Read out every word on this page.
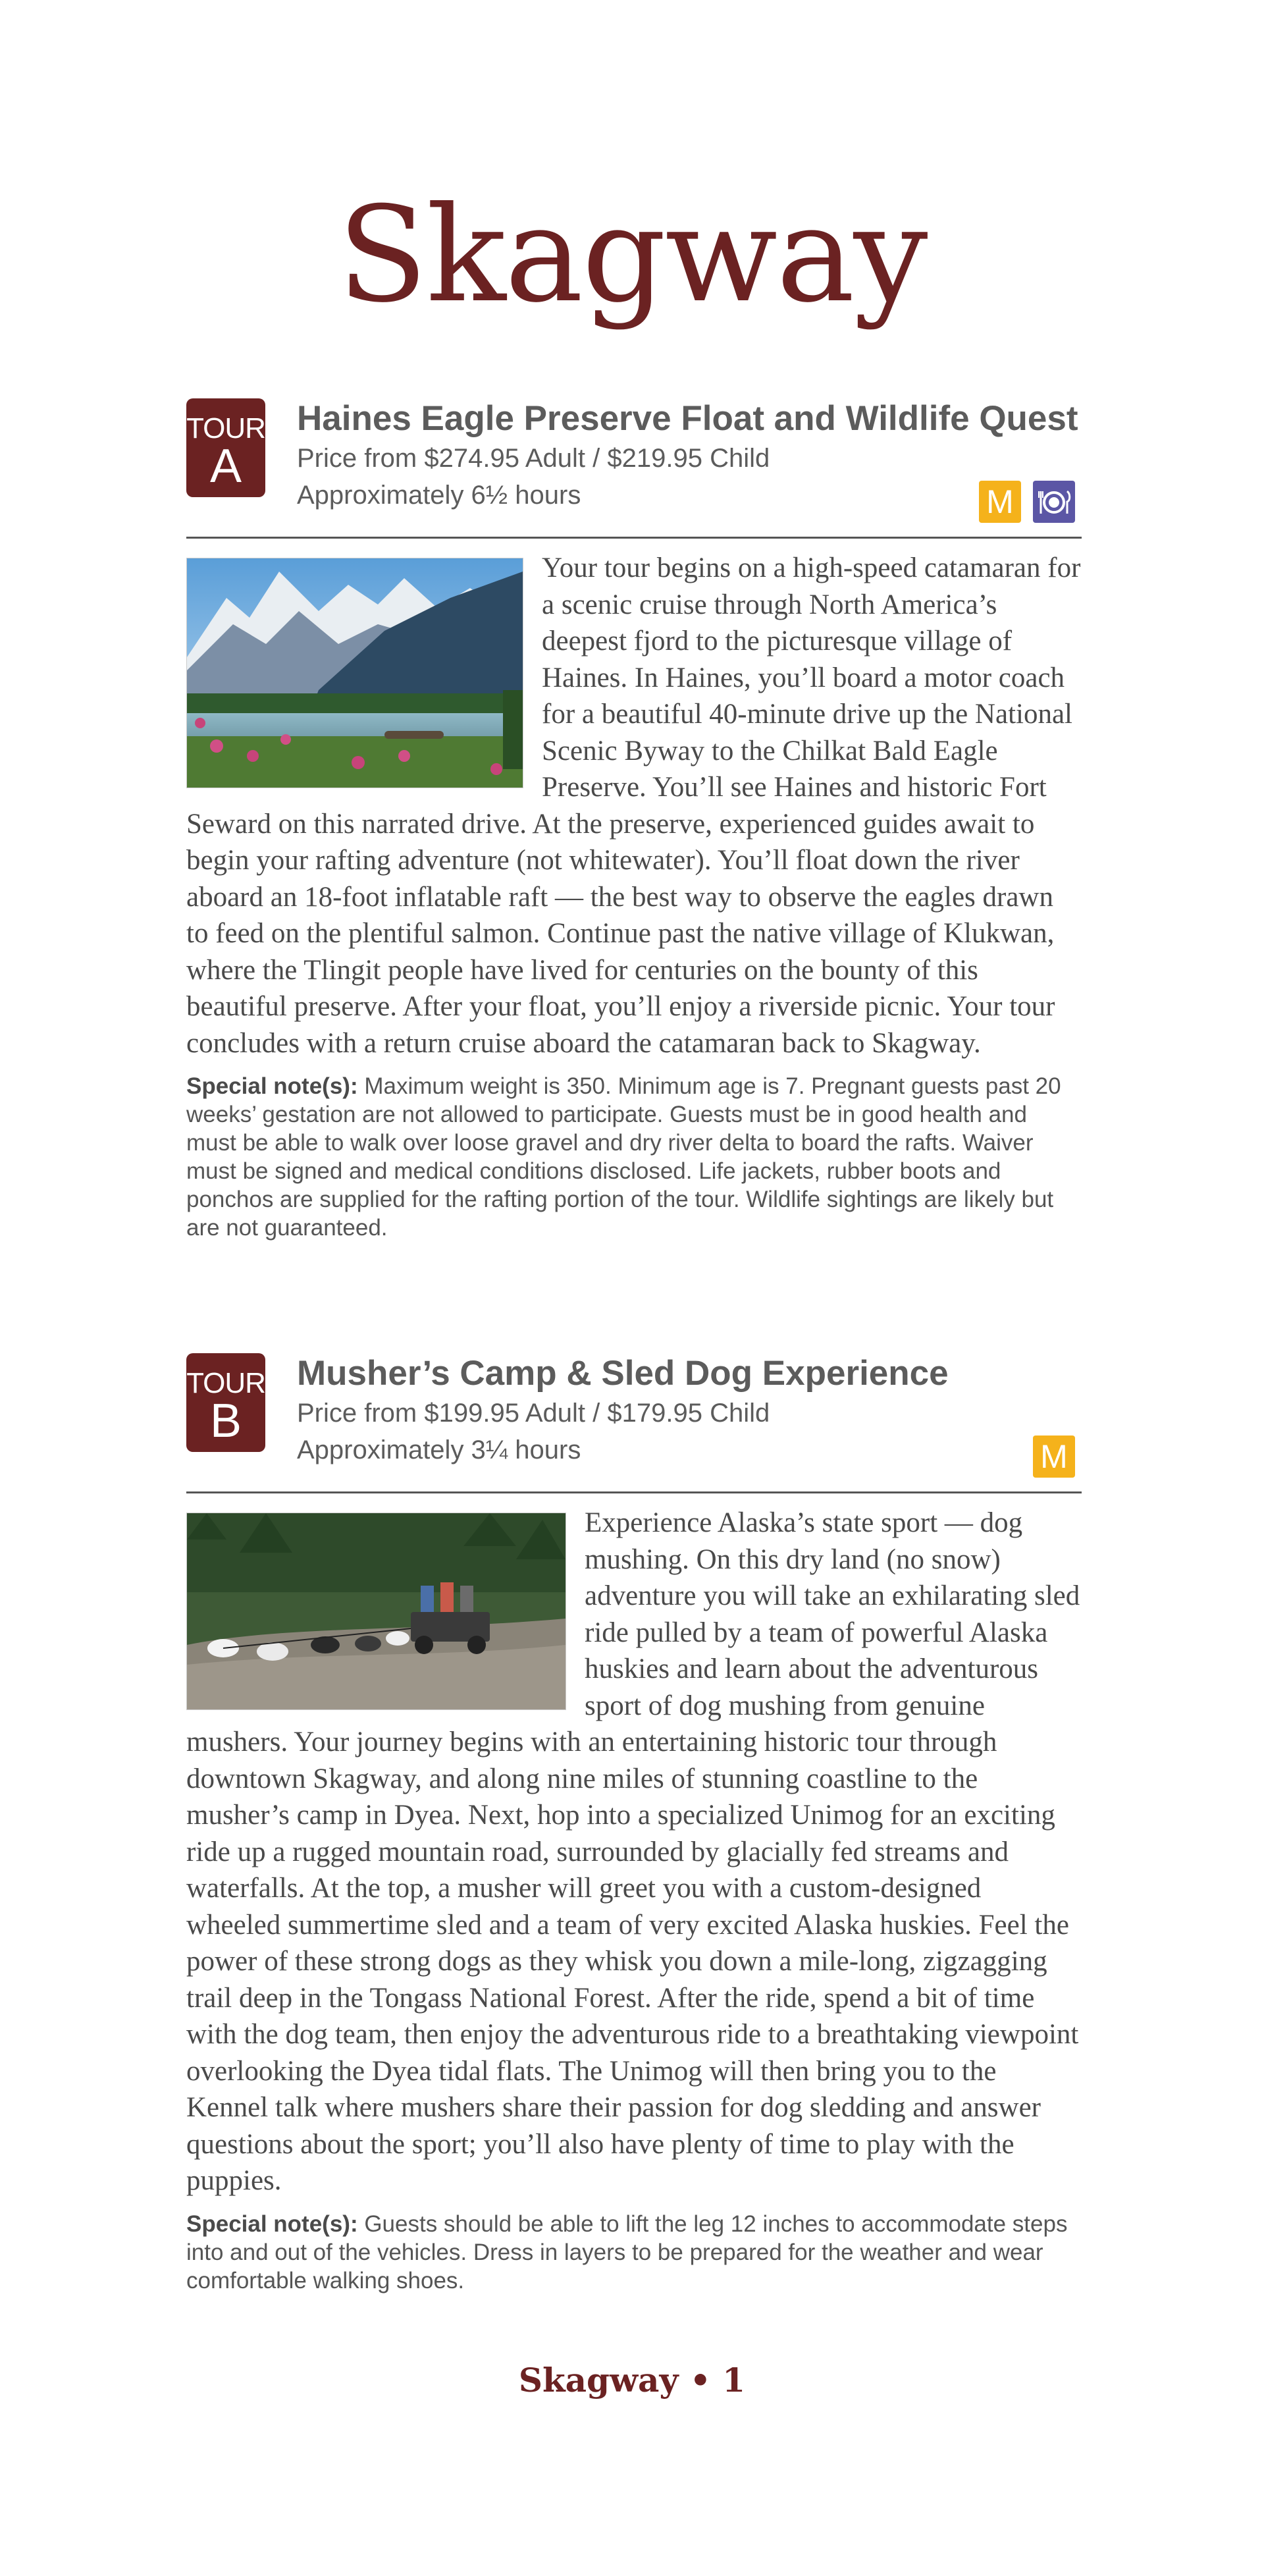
Skagway
TOUR
A
Haines Eagle Preserve Float and Wildlife Quest
Price from $274.95 Adult / $219.95 Child
Approximately 6½ hours	M

Your tour begins on a high-speed catamaran for a scenic cruise through North America’s deepest fjord to the picturesque village of Haines. In Haines, you’ll board a motor coach for a beautiful 40-minute drive up the National Scenic Byway to the Chilkat Bald Eagle Preserve. You’ll see Haines and historic Fort Seward on this narrated drive. At the preserve, experienced guides await to begin your rafting adventure (not whitewater). You’ll float down the river aboard an 18-foot inflatable raft — the best way to observe the eagles drawn to feed on the plentiful salmon. Continue past the native village of Klukwan, where the Tlingit people have lived for centuries on the bounty of this beautiful preserve. After your float, you’ll enjoy a riverside picnic. Your tour concludes with a return cruise aboard the catamaran back to Skagway.

Special note(s): Maximum weight is 350. Minimum age is 7. Pregnant guests past 20 weeks’ gestation are not allowed to participate. Guests must be in good health and must be able to walk over loose gravel and dry river delta to board the rafts. Waiver must be signed and medical conditions disclosed. Life jackets, rubber boots and ponchos are supplied for the rafting portion of the tour. Wildlife sightings are likely but are not guaranteed.
TOUR
B
Musher’s Camp & Sled Dog Experience
Price from $199.95 Adult / $179.95 Child
Approximately 3¼ hours	M

Experience Alaska’s state sport — dog mushing. On this dry land (no snow) adventure you will take an exhilarating sled ride pulled by a team of powerful Alaska huskies and learn about the adventurous sport of dog mushing from genuine mushers. Your journey begins with an entertaining historic tour through downtown Skagway, and along nine miles of stunning coastline to the musher’s camp in Dyea. Next, hop into a specialized Unimog for an exciting ride up a rugged mountain road, surrounded by glacially fed streams and waterfalls. At the top, a musher will greet you with a custom-designed wheeled summertime sled and a team of very excited Alaska huskies. Feel the power of these strong dogs as they whisk you down a mile-long, zigzagging trail deep in the Tongass National Forest. After the ride, spend a bit of time with the dog team, then enjoy the adventurous ride to a breathtaking viewpoint overlooking the Dyea tidal flats. The Unimog will then bring you to the Kennel talk where mushers share their passion for dog sledding and answer questions about the sport; you’ll also have plenty of time to play with the puppies.

Special note(s): Guests should be able to lift the leg 12 inches to accommodate steps into and out of the vehicles. Dress in layers to be prepared for the weather and wear comfortable walking shoes.
Skagway • 1
